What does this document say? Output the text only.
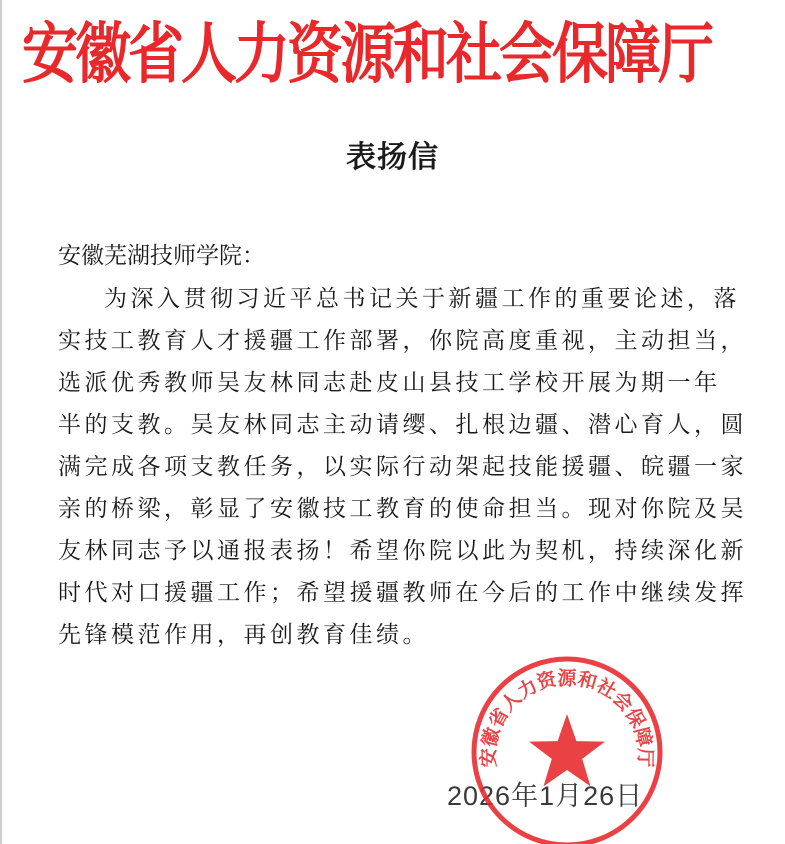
安徽省人力资源和社会保障厅
表扬信
安徽芜湖技师学院：
为深入贯彻习近平总书记关于新疆工作的重要论述，落
实技工教育人才援疆工作部署，你院高度重视，主动担当，
选派优秀教师吴友林同志赴皮山县技工学校开展为期一年
半的支教。吴友林同志主动请缨、扎根边疆、潜心育人，圆
满完成各项支教任务，以实际行动架起技能援疆、皖疆一家
亲的桥梁，彰显了安徽技工教育的使命担当。现对你院及吴
友林同志予以通报表扬！希望你院以此为契机，持续深化新
时代对口援疆工作；希望援疆教师在今后的工作中继续发挥
先锋模范作用，再创教育佳绩。
2026年1月26日
安徽省人力资源和社会保障厅
